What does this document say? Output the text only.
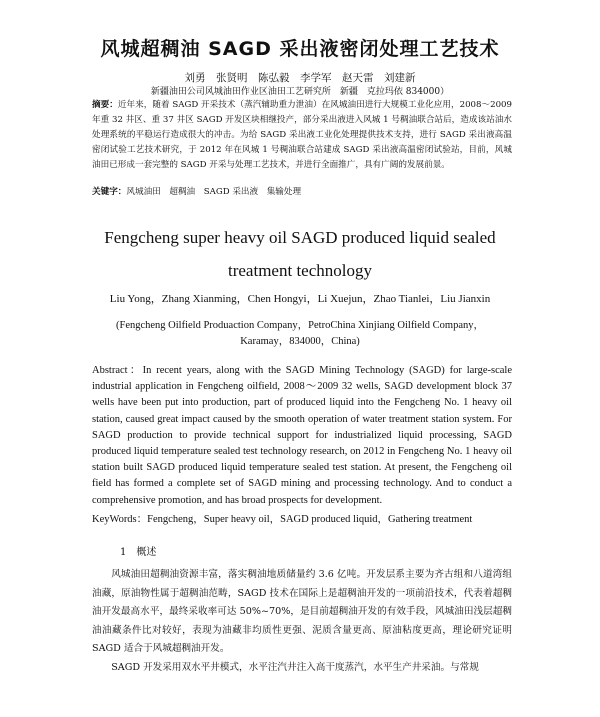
风城超稠油 SAGD 采出液密闭处理工艺技术
刘勇　张贤明　陈弘毅　李学军　赵天雷　刘建新
新疆油田公司风城油田作业区油田工艺研究所　新疆　克拉玛依 834000）
摘要：近年来，随着 SAGD 开采技术（蒸汽辅助重力泄油）在风城油田进行大规模工业化应用，2008～2009 年重 32 井区、重 37 井区 SAGD 开发区块相继投产，部分采出液进入风城 1 号稠油联合站后，造成该站油水处理系统的平稳运行造成很大的冲击。为给 SAGD 采出液工业化处理提供技术支持，进行 SAGD 采出液高温密闭试验工艺技术研究，于 2012 年在风城 1 号稠油联合站建成 SAGD 采出液高温密闭试验站，目前，风城油田已形成一套完整的 SAGD 开采与处理工艺技术，并进行全面推广，具有广阔的发展前景。
关键字：风城油田　超稠油　SAGD 采出液　集输处理
Fengcheng super heavy oil SAGD produced liquid sealed
treatment technology
Liu Yong，Zhang Xianming，Chen Hongyi，Li Xuejun，Zhao Tianlei，Liu Jianxin
(Fengcheng Oilfield Produaction Company，PetroChina Xinjiang Oilfield Company，Karamay，834000，China)
Abstract：In recent years, along with the SAGD Mining Technology (SAGD) for large-scale industrial application in Fengcheng oilfield, 2008～2009 32 wells, SAGD development block 37 wells have been put into production, part of produced liquid into the Fengcheng No. 1 heavy oil station, caused great impact caused by the smooth operation of water treatment station system. For SAGD production to provide technical support for industrialized liquid processing, SAGD produced liquid temperature sealed test technology research, on 2012 in Fengcheng No. 1 heavy oil station built SAGD produced liquid temperature sealed test station. At present, the Fengcheng oil field has formed a complete set of SAGD mining and processing technology. And to conduct a comprehensive promotion, and has broad prospects for development.
KeyWords：Fengcheng，Super heavy oil，SAGD produced liquid，Gathering treatment
1　概述

风城油田超稠油资源丰富，落实稠油地质储量约 3.6 亿吨。开发层系主要为齐古组和八道湾组油藏，原油物性属于超稠油范畴，SAGD 技术在国际上是超稠油开发的一项前沿技术，代表着超稠油开发最高水平，最终采收率可达 50%~70%，是目前超稠油开发的有效手段，风城油田浅层超稠油油藏条件比对较好，表现为油藏非均质性更强、泥质含量更高、原油粘度更高，理论研究证明 SAGD 适合于风城超稠油开发。

SAGD 开发采用双水平井模式，水平注汽井注入高干度蒸汽，水平生产井采油。与常规
